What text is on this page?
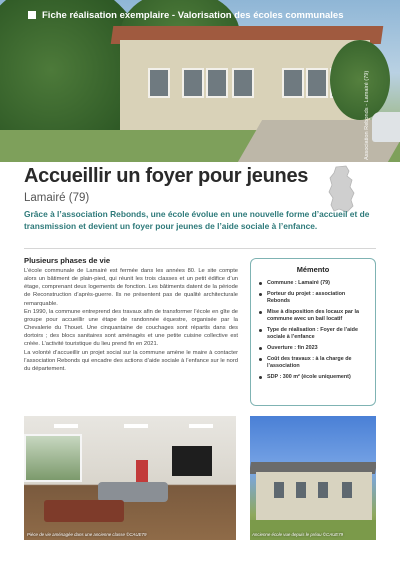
Fiche réalisation exemplaire - Valorisation des écoles communales
Association Rebonds - Lamairé (79)
Accueillir un foyer pour jeunes
Lamairé (79)

Grâce à l’association Rebonds, une école évolue en une nouvelle forme d’accueil et de transmission et devient un foyer pour jeunes de l’aide sociale à l’enfance.

Plusieurs phases de vie

L’école communale de Lamairé est fermée dans les années 80. Le site compte alors un bâtiment de plain-pied, qui réunit les trois classes et un petit édifice d’un étage, comprenant deux logements de fonction. Les bâtiments datent de la période de Reconstruction d’après-guerre. Ils ne présentent pas de qualité architecturale remarquable.

En 1990, la commune entreprend des travaux afin de transformer l’école en gîte de groupe pour accueillir une étape de randonnée équestre, organisée par la Chevalerie du Thouet. Une cinquantaine de couchages sont répartis dans des dortoirs ; des blocs sanitaires sont aménagés et une petite cuisine collective est créée. L’activité touristique du lieu prend fin en 2021.

La volonté d’accueillir un projet social sur la commune amène le maire à contacter l’association Rebonds qui encadre des actions d’aide sociale à l’enfance sur le nord du département.

Mémento
Commune : Lamairé (79)
Porteur du projet : association Rebonds
Mise à disposition des locaux par la commune avec un bail locatif
Type de réalisation : Foyer de l’aide sociale à l’enfance
Ouverture : fin 2023
Coût des travaux : à la charge de l’association
SDP : 300 m² (école uniquement)
Pièce de vie aménagée dans une ancienne classe ©CAUE79	Ancienne école vue depuis le préau ©CAUE79
